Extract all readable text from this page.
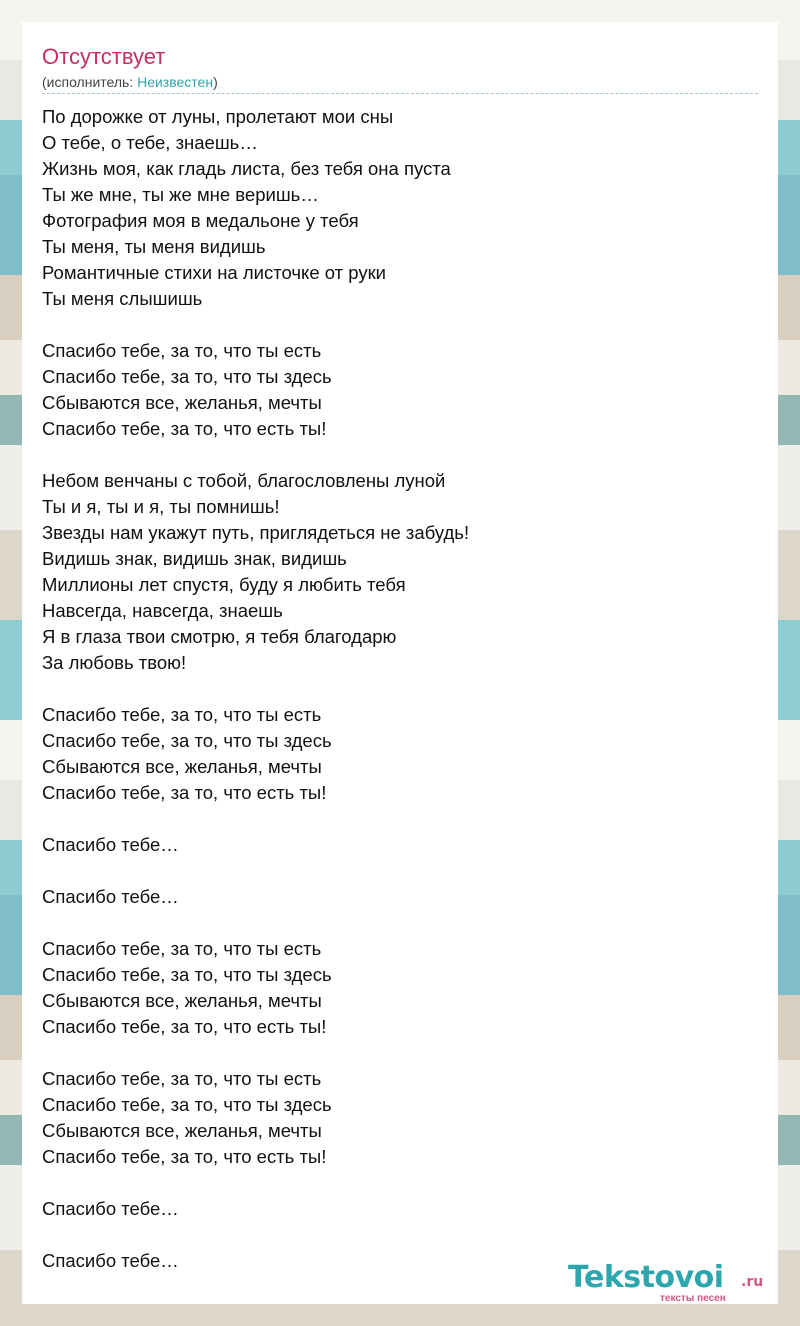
Отсутствует
(исполнитель: Неизвестен)
По дорожке от луны, пролетают мои сны
О тебе, о тебе, знаешь…
Жизнь моя, как гладь листа, без тебя она пуста
Ты же мне, ты же мне веришь…
Фотография моя в медальоне у тебя
Ты меня, ты меня видишь
Романтичные стихи на листочке от руки
Ты меня слышишь
Спасибо тебе, за то, что ты есть
Спасибо тебе, за то, что ты здесь
Сбываются все, желанья, мечты
Спасибо тебе, за то, что есть ты!
Небом венчаны с тобой, благословлены луной
Ты и я, ты и я, ты помнишь!
Звезды нам укажут путь, приглядеться не забудь!
Видишь знак, видишь знак, видишь
Миллионы лет спустя, буду я любить тебя
Навсегда, навсегда, знаешь
Я в глаза твои смотрю, я тебя благодарю
За любовь твою!
Спасибо тебе, за то, что ты есть
Спасибо тебе, за то, что ты здесь
Сбываются все, желанья, мечты
Спасибо тебе, за то, что есть ты!
Спасибо тебе…
Спасибо тебе…
Спасибо тебе, за то, что ты есть
Спасибо тебе, за то, что ты здесь
Сбываются все, желанья, мечты
Спасибо тебе, за то, что есть ты!
Спасибо тебе, за то, что ты есть
Спасибо тебе, за то, что ты здесь
Сбываются все, желанья, мечты
Спасибо тебе, за то, что есть ты!
Спасибо тебе…
Спасибо тебе…	Tekstovoi .ru
тексты песен
